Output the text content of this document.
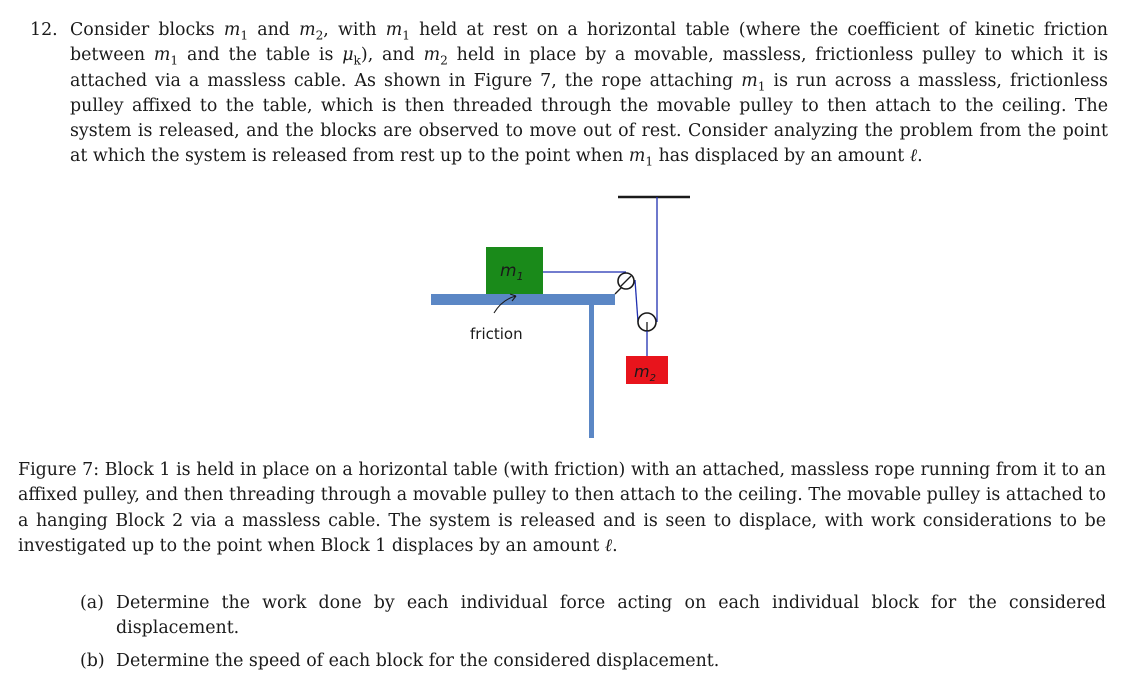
12. Consider blocks $m_1$ and $m_2$, with $m_1$ held at rest on a horizontal table (where the coefficient of kinetic friction between $m_1$ and the table is $\mu_k$), and $m_2$ held in place by a movable, massless, frictionless pulley to which it is attached via a massless cable. As shown in Figure 7, the rope attaching $m_1$ is run across a massless, frictionless pulley affixed to the table, which is then threaded through the movable pulley to then attach to the ceiling. The system is released, and the blocks are observed to move out of rest. Consider analyzing the problem from the point at which the system is released from rest up to the point when $m_1$ has displaced by an amount ℓ.
$m_1$
$m_2$
friction
Figure 7: Block 1 is held in place on a horizontal table (with friction) with an attached, massless rope running from it to an affixed pulley, and then threading through a movable pulley to then attach to the ceiling. The movable pulley is attached to a hanging Block 2 via a massless cable. The system is released and is seen to displace, with work considerations to be investigated up to the point when Block 1 displaces by an amount ℓ.
(a) Determine the work done by each individual force acting on each individual block for the considered displacement.
(b) Determine the speed of each block for the considered displacement.
